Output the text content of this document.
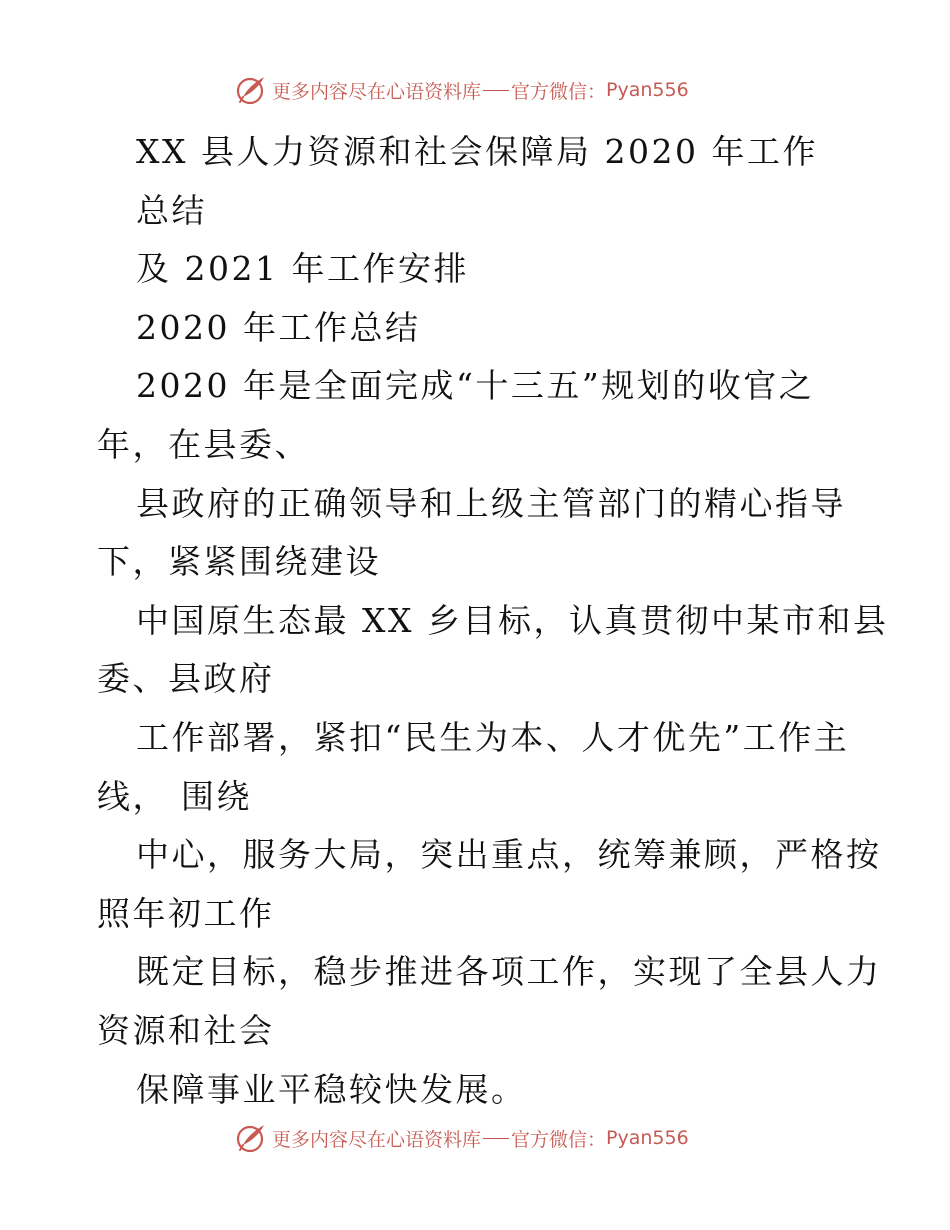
更多内容尽在心语资料库 官方微信： Pyan556
XX 县人力资源和社会保障局 2020 年工作
总结
及 2021 年工作安排
2020 年工作总结
2020 年是全面完成“十三五”规划的收官之
年，在县委、
县政府的正确领导和上级主管部门的精心指导
下，紧紧围绕建设
中国原生态最 XX 乡目标，认真贯彻中某市和县
委、县政府
工作部署，紧扣“民生为本、人才优先”工作主
线， 围绕
中心，服务大局，突出重点，统筹兼顾，严格按
照年初工作
既定目标，稳步推进各项工作，实现了全县人力
资源和社会
保障事业平稳较快发展。
更多内容尽在心语资料库 官方微信： Pyan556
